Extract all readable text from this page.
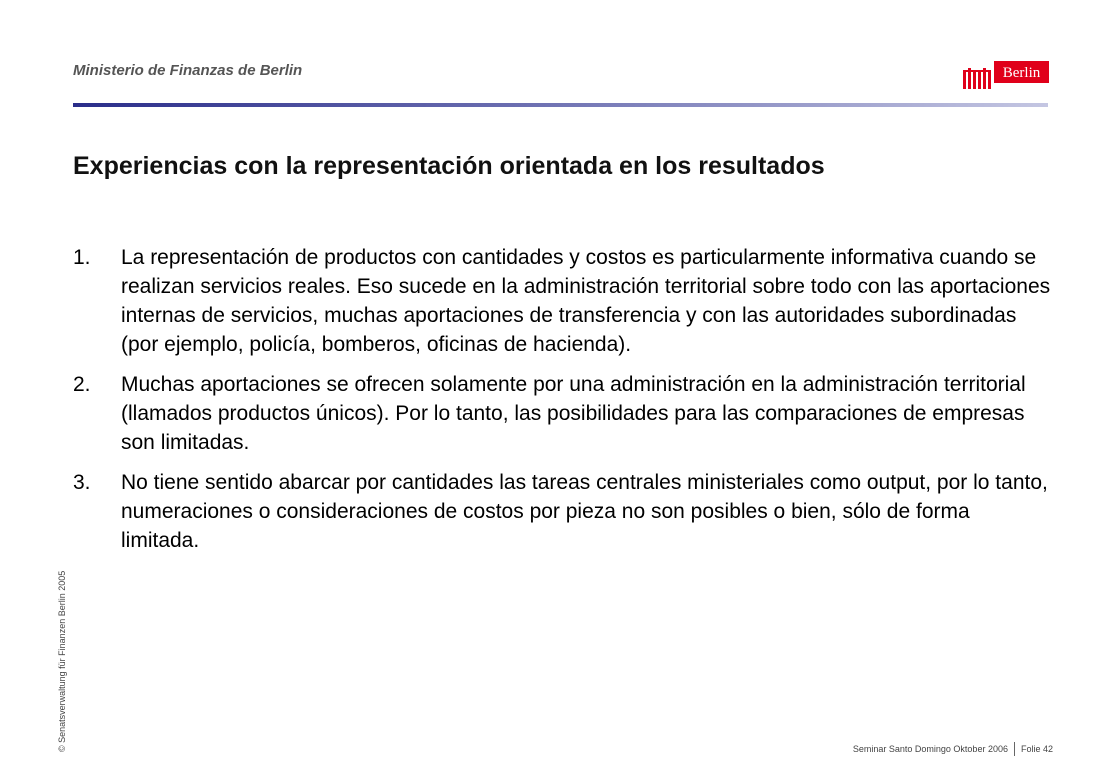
Ministerio de Finanzas de Berlin	Berlin
Experiencias con la representación orientada en los resultados
1.	La representación de productos con cantidades y costos es particularmente informativa cuando se realizan servicios reales. Eso sucede en la administración territorial sobre todo con las aportaciones internas de servicios, muchas aportaciones de transferencia y con las autoridades subordinadas (por ejemplo, policía, bomberos, oficinas de hacienda).
2.	Muchas aportaciones se ofrecen solamente por una administración en la administración territorial (llamados productos únicos). Por lo tanto, las posibilidades para las comparaciones de empresas son limitadas.
3.	No tiene sentido abarcar por cantidades las tareas centrales ministeriales como output, por lo tanto, numeraciones o consideraciones de costos por pieza no son posibles o bien, sólo de forma limitada.
© Senatsverwaltung für Finanzen Berlin 2005	Seminar Santo Domingo Oktober 2006 Folie 42
